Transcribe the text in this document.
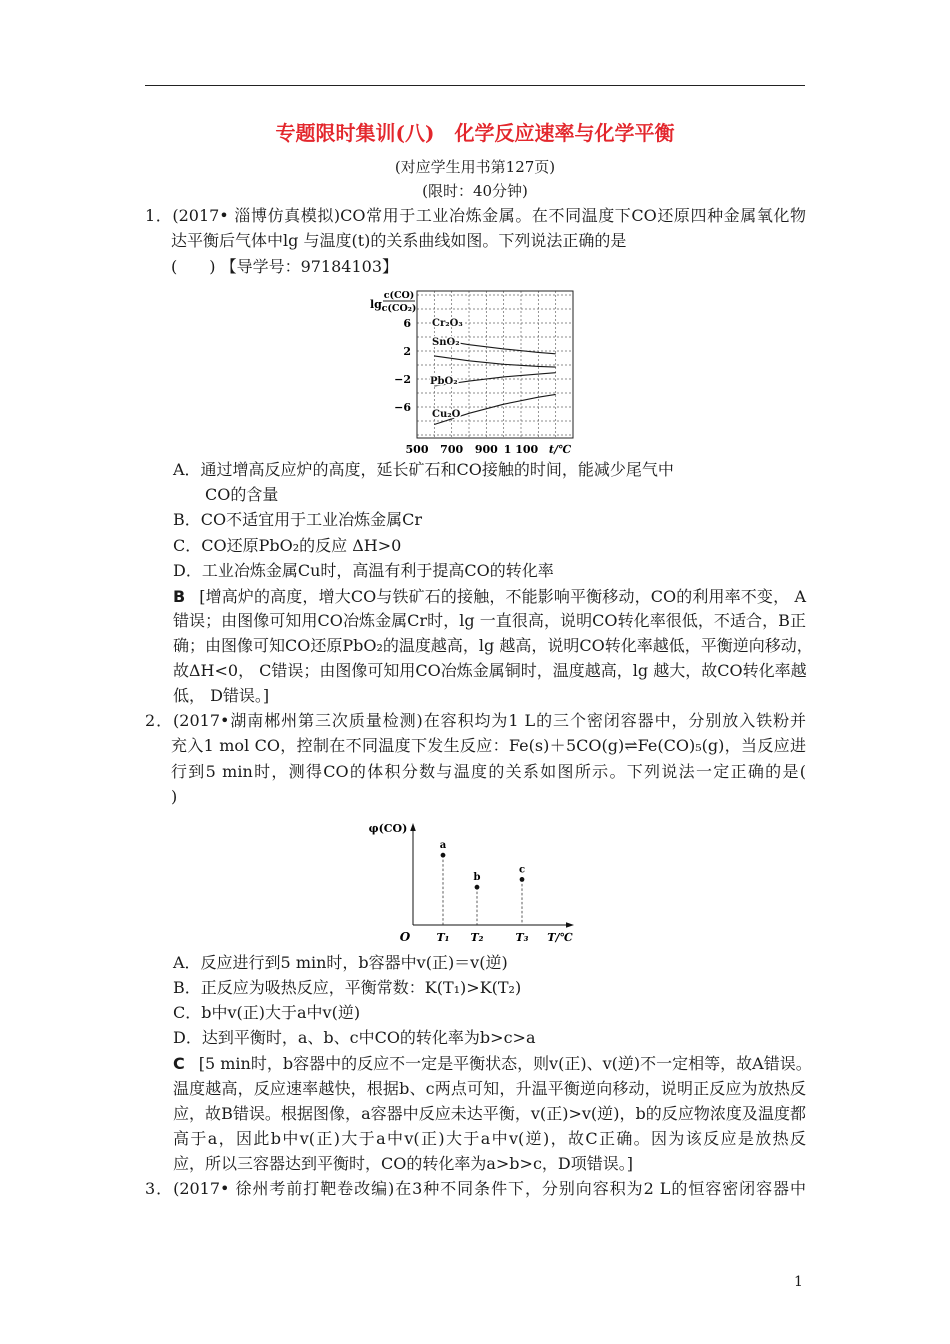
专题限时集训(八)　化学反应速率与化学平衡
(对应学生用书第127页)
(限时：40分钟)
1．(2017• 淄博仿真模拟)CO常用于工业冶炼金属。在不同温度下CO还原四种金属氧化物
达平衡后气体中lg 与温度(t)的关系曲线如图。下列说法正确的是
(　　) 【导学号：97184103】
6
2
−2
−6
500 700 900 1 100
lg
c(CO)
c(CO₂)
t/℃
Cr₂O₃
SnO₂
PbO₂
Cu₂O
A．通过增高反应炉的高度，延长矿石和CO接触的时间，能减少尾气中
CO的含量
B．CO不适宜用于工业冶炼金属Cr
C．CO还原PbO₂的反应 ΔH>0
D．工业冶炼金属Cu时，高温有利于提高CO的转化率
B [增高炉的高度，增大CO与铁矿石的接触，不能影响平衡移动，CO的利用率不变， A
错误；由图像可知用CO冶炼金属Cr时，lg 一直很高，说明CO转化率很低，不适合，B正
确；由图像可知CO还原PbO₂的温度越高，lg 越高，说明CO转化率越低，平衡逆向移动，
故ΔH<0， C错误；由图像可知用CO冶炼金属铜时，温度越高，lg 越大，故CO转化率越
低， D错误。]
2．(2017•湖南郴州第三次质量检测)在容积均为1 L的三个密闭容器中，分别放入铁粉并
充入1 mol CO，控制在不同温度下发生反应：Fe(s)＋5CO(g)⇌Fe(CO)₅(g)，当反应进
行到5 min时，测得CO的体积分数与温度的关系如图所示。下列说法一定正确的是(
)
φ(CO)
O T₁ T₂	T₃ T/℃
a
b
c
A．反应进行到5 min时，b容器中v(正)＝v(逆)
B．正反应为吸热反应，平衡常数：K(T₁)>K(T₂)
C．b中v(正)大于a中v(逆)
D．达到平衡时，a、b、c中CO的转化率为b>c>a
C [5 min时，b容器中的反应不一定是平衡状态，则v(正)、v(逆)不一定相等，故A错误。
温度越高，反应速率越快，根据b、c两点可知，升温平衡逆向移动，说明正反应为放热反
应，故B错误。根据图像，a容器中反应未达平衡，v(正)>v(逆)，b的反应物浓度及温度都
高于a，因此b中v(正)大于a中v(正)大于a中v(逆)，故C正确。因为该反应是放热反
应，所以三容器达到平衡时，CO的转化率为a>b>c，D项错误。]
3．(2017• 徐州考前打靶卷改编)在3种不同条件下，分别向容积为2 L的恒容密闭容器中
1
